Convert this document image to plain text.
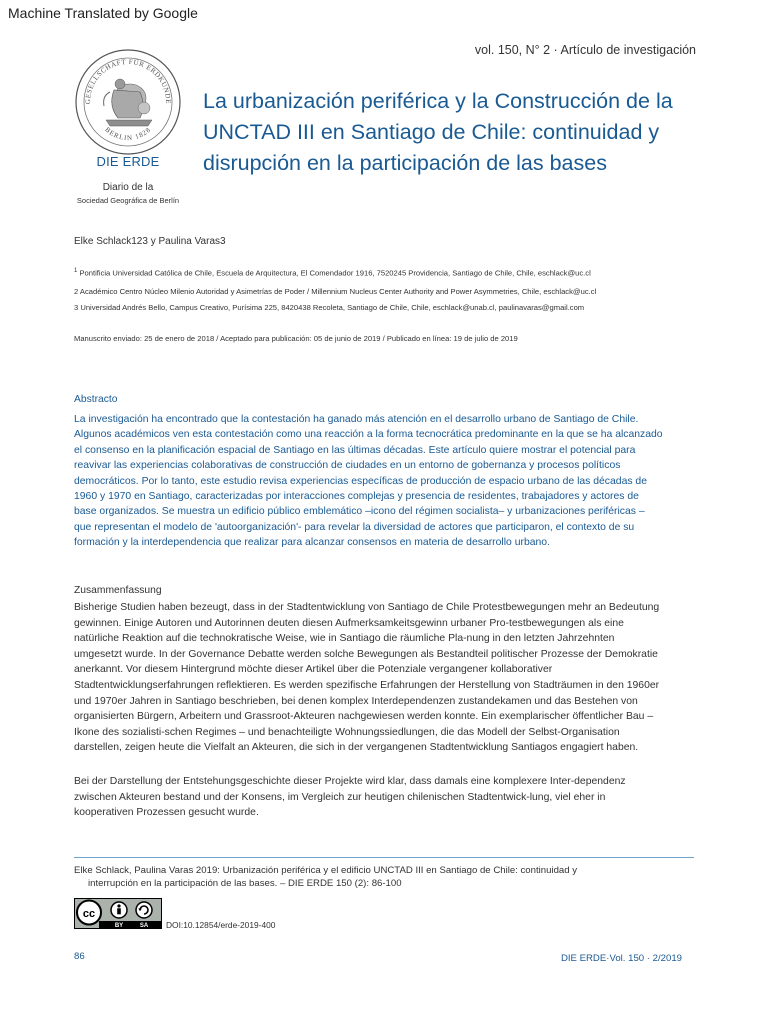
Machine Translated by Google
vol. 150, N° 2 · Artículo de investigación
GESELLSCHAFT FÜR ERDKUNDE
BERLIN 1828
DIE ERDE
Diario de la
Sociedad Geográfica de Berlín
La urbanización periférica y la Construcción de la UNCTAD III en Santiago de Chile: continuidad y disrupción en la participación de las bases
Elke Schlack123 y Paulina Varas3
$^1$ Pontificia Universidad Católica de Chile, Escuela de Arquitectura, El Comendador 1916, 7520245 Providencia, Santiago de Chile, Chile, eschlack@uc.cl
2 Académico Centro Núcleo Milenio Autoridad y Asimetrías de Poder / Millennium Nucleus Center Authority and Power Asymmetries, Chile, eschlack@uc.cl
3 Universidad Andrés Bello, Campus Creativo, Purísima 225, 8420438 Recoleta, Santiago de Chile, Chile, eschlack@unab.cl, paulinavaras@gmail.com
Manuscrito enviado: 25 de enero de 2018 / Aceptado para publicación: 05 de junio de 2019 / Publicado en línea: 19 de julio de 2019
Abstracto

La investigación ha encontrado que la contestación ha ganado más atención en el desarrollo urbano de Santiago de Chile.
Algunos académicos ven esta contestación como una reacción a la forma tecnocrática predominante en la que se ha alcanzado
el consenso en la planificación espacial de Santiago en las últimas décadas. Este artículo quiere mostrar el potencial para
reavivar las experiencias colaborativas de construcción de ciudades en un entorno de gobernanza y procesos políticos
democráticos. Por lo tanto, este estudio revisa experiencias específicas de producción de espacio urbano de las décadas de
1960 y 1970 en Santiago, caracterizadas por interacciones complejas y presencia de residentes, trabajadores y actores de
base organizados. Se muestra un edificio público emblemático –icono del régimen socialista– y urbanizaciones periféricas –
que representan el modelo de 'autoorganización'- para revelar la diversidad de actores que participaron, el contexto de su
formación y la interdependencia que realizar para alcanzar consensos en materia de desarrollo urbano.

Zusammenfassung

Bisherige Studien haben bezeugt, dass in der Stadtentwicklung von Santiago de Chile Protestbewegungen mehr an Bedeutung
gewinnen. Einige Autoren und Autorinnen deuten diesen Aufmerksamkeitsgewinn urbaner Pro-testbewegungen als eine
natürliche Reaktion auf die technokratische Weise, wie in Santiago die räumliche Pla-nung in den letzten Jahrzehnten
umgesetzt wurde. In der Governance Debatte werden solche Bewegungen als Bestandteil politischer Prozesse der Demokratie
anerkannt. Vor diesem Hintergrund möchte dieser Artikel über die Potenziale vergangener kollaborativer
Stadtentwicklungserfahrungen reflektieren. Es werden spezifische Erfahrungen der Herstellung von Stadträumen in den 1960er
und 1970er Jahren in Santiago beschrieben, bei denen komplex Interdependenzen zustandekamen und das Bestehen von
organisierten Bürgern, Arbeitern und Grassroot-Akteuren nachgewiesen werden konnte. Ein exemplarischer öffentlicher Bau –
Ikone des sozialisti-schen Regimes – und benachteiligte Wohnungssiedlungen, die das Modell der Selbst-Organisation
darstellen, zeigen heute die Vielfalt an Akteuren, die sich in der vergangenen Stadtentwicklung Santiagos engagiert haben.

Bei der Darstellung der Entstehungsgeschichte dieser Projekte wird klar, dass damals eine komplexere Inter-dependenz
zwischen Akteuren bestand und der Konsens, im Vergleich zur heutigen chilenischen Stadtentwick-lung, viel eher in
kooperativen Prozessen gesucht wurde.

Elke Schlack, Paulina Varas 2019: Urbanización periférica y el edificio UNCTAD III en Santiago de Chile: continuidad y
interrupción en la participación de las bases. – DIE ERDE 150 (2): 86-100

cc
BY	SA DOI:10.12854/erde-2019-400
86	DIE ERDE·Vol. 150 · 2/2019
